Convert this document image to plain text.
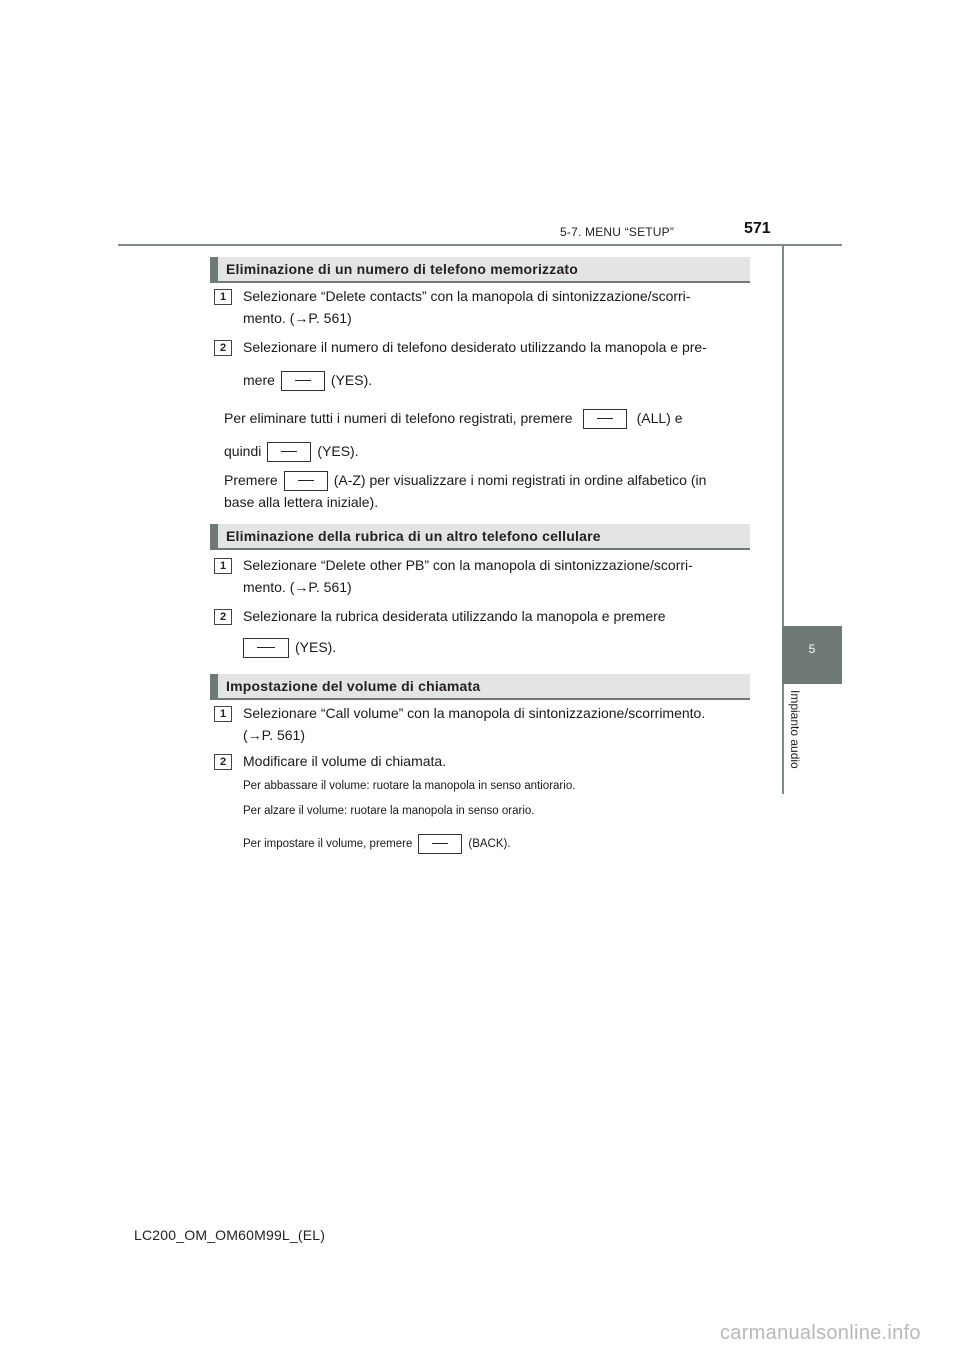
5-7. MENU “SETUP”	571
5
Impianto audio
Eliminazione di un numero di telefono memorizzato
1	Selezionare “Delete contacts” con la manopola di sintonizzazione/scorri-
mento. (→P. 561)
2	Selezionare il numero di telefono desiderato utilizzando la manopola e pre-
mere	(YES).
Per eliminare tutti i numeri di telefono registrati, premere	(ALL) e
quindi	(YES).
Premere	(A-Z) per visualizzare i nomi registrati in ordine alfabetico (in
base alla lettera iniziale).
Eliminazione della rubrica di un altro telefono cellulare
1	Selezionare “Delete other PB” con la manopola di sintonizzazione/scorri-
mento. (→P. 561)
2	Selezionare la rubrica desiderata utilizzando la manopola e premere
(YES).
Impostazione del volume di chiamata
1	Selezionare “Call volume” con la manopola di sintonizzazione/scorrimento.
(→P. 561)
2	Modificare il volume di chiamata.
Per abbassare il volume: ruotare la manopola in senso antiorario.
Per alzare il volume: ruotare la manopola in senso orario.
Per impostare il volume, premere	(BACK).
LC200_OM_OM60M99L_(EL)
carmanualsonline.info
